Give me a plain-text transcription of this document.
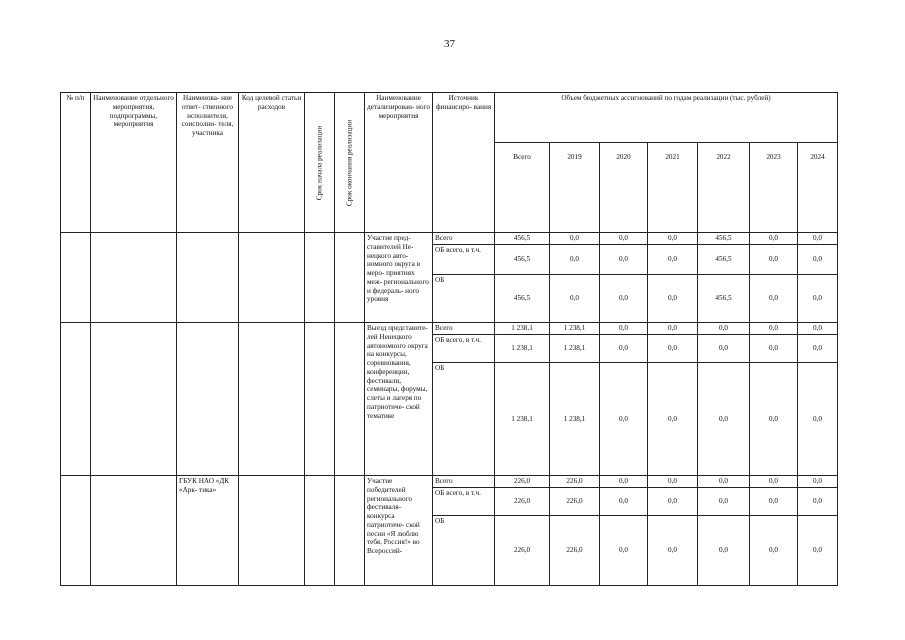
37
№ п/п	Наименование отдельного мероприятия, подпрограммы, мероприятия	Наименова- ние ответ- ственного исполнителя, соисполни- теля, участника	Код целевой статьи расходов	Срок начала реализации	Срок окончания реализации	Наименование детализирован- ного мероприятия	Источник финансиро- вания	Объем бюджетных ассигнований по годам реализации (тыс. рублей)						
								Всего	2019	2020	2021	2022	2023	2024
						Участие пред- ставителей Не- нецкого авто- номного округа в меро- приятиях меж- регионального и федераль- ного уровня	Всего	456,5	0,0	0,0	0,0	456,5	0,0	0,0
							ОБ всего, в т.ч.	456,5	0,0	0,0	0,0	456,5	0,0	0,0
							ОБ	456,5	0,0	0,0	0,0	456,5	0,0	0,0
						Выезд представите- лей Ненецкого автономного округа на конкурсы, соревнования, конференции, фестивали, семинары, форумы, слеты и лагеря по патриотиче- ской тематике	Всего	1 238,1	1 238,1	0,0	0,0	0,0	0,0	0,0
							ОБ всего, в т.ч.	1 238,1	1 238,1	0,0	0,0	0,0	0,0	0,0
							ОБ	1 238,1	1 238,1	0,0	0,0	0,0	0,0	0,0
		ГБУК НАО «ДК «Арк- тика»				Участие победителей регионального фестиваля- конкурса патриотиче- ской песни «Я люблю тебя, Россия!» во Всероссий-	Всего	226,0	226,0	0,0	0,0	0,0	0,0	0,0
							ОБ всего, в т.ч.	226,0	226,0	0,0	0,0	0,0	0,0	0,0
							ОБ	226,0	226,0	0,0	0,0	0,0	0,0	0,0
